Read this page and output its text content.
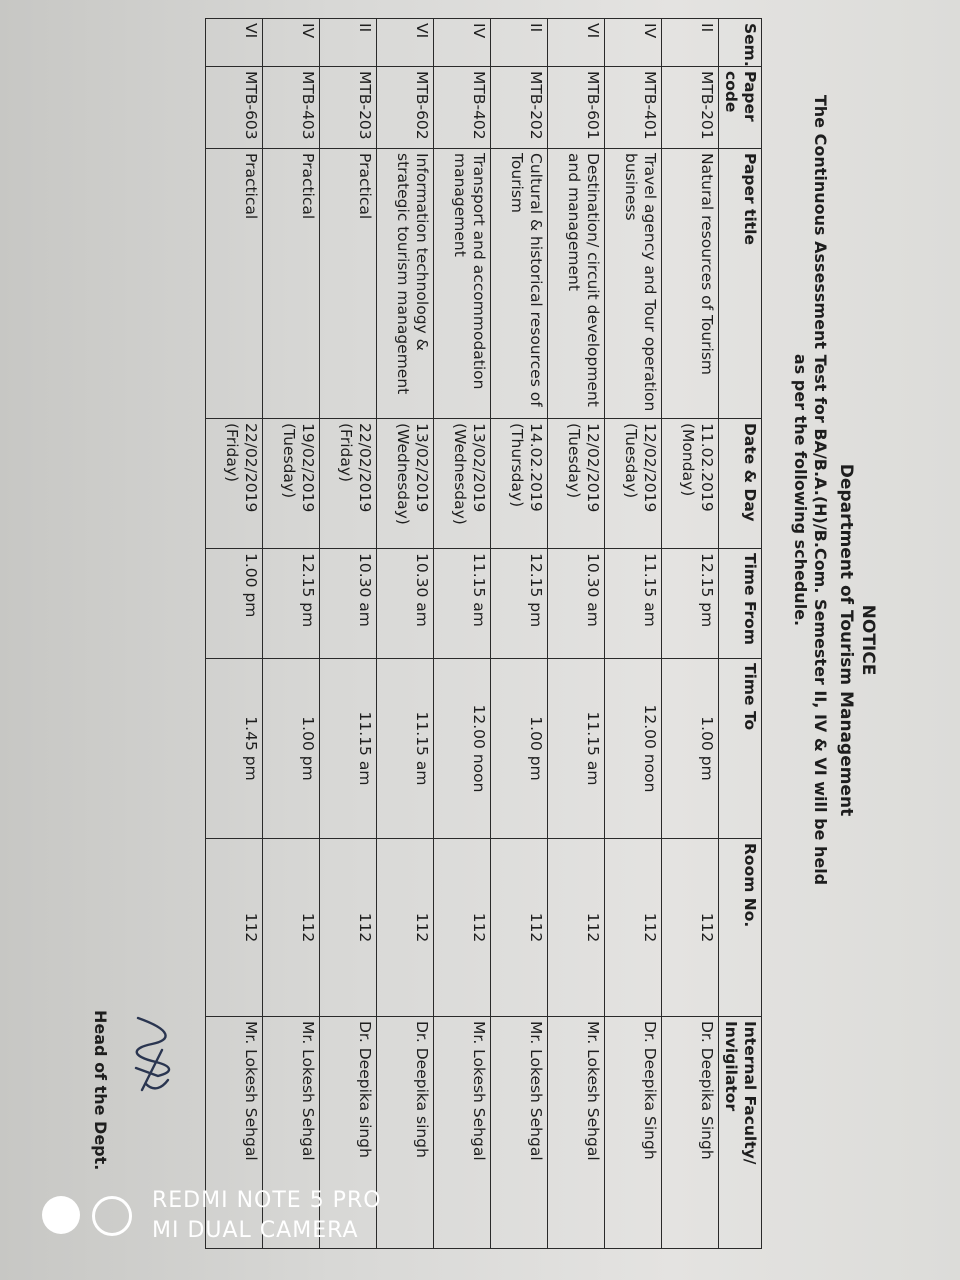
NOTICE
Department of Tourism Management
The Continuous Assessment Test for BA/B.A.(H)/B.Com. Semester II, IV & VI will be held as per the following schedule.
Sem.	Paper code	Paper title	Date & Day	Time From	Time To	Room No.	Internal Faculty/ Invigilator
II	MTB-201	Natural resources of Tourism	11.02.2019 (Monday)	12.15 pm	1.00 pm	112	Dr. Deepika Singh
IV	MTB-401	Travel agency and Tour operation business	12/02/2019 (Tuesday)	11.15 am	12.00 noon	112	Dr. Deepika Singh
VI	MTB-601	Destination/ circuit development and management	12/02/2019 (Tuesday)	10.30 am	11.15 am	112	Mr. Lokesh Sehgal
II	MTB-202	Cultural & historical resources of Tourism	14.02.2019 (Thursday)	12.15 pm	1.00 pm	112	Mr. Lokesh Sehgal
IV	MTB-402	Transport and accommodation management	13/02/2019 (Wednesday)	11.15 am	12.00 noon	112	Mr. Lokesh Sehgal
VI	MTB-602	Information technology & strategic tourism management	13/02/2019 (Wednesday)	10.30 am	11.15 am	112	Dr. Deepika singh
II	MTB-203	Practical	22/02/2019 (Friday)	10.30 am	11.15 am	112	Dr. Deepika singh
IV	MTB-403	Practical	19/02/2019 (Tuesday)	12.15 pm	1.00 pm	112	Mr. Lokesh Sehgal
VI	MTB-603	Practical	22/02/2019 (Friday)	1.00 pm	1.45 pm	112	Mr. Lokesh Sehgal
Head of the Dept.
REDMI NOTE 5 PRO
MI DUAL CAMERA
